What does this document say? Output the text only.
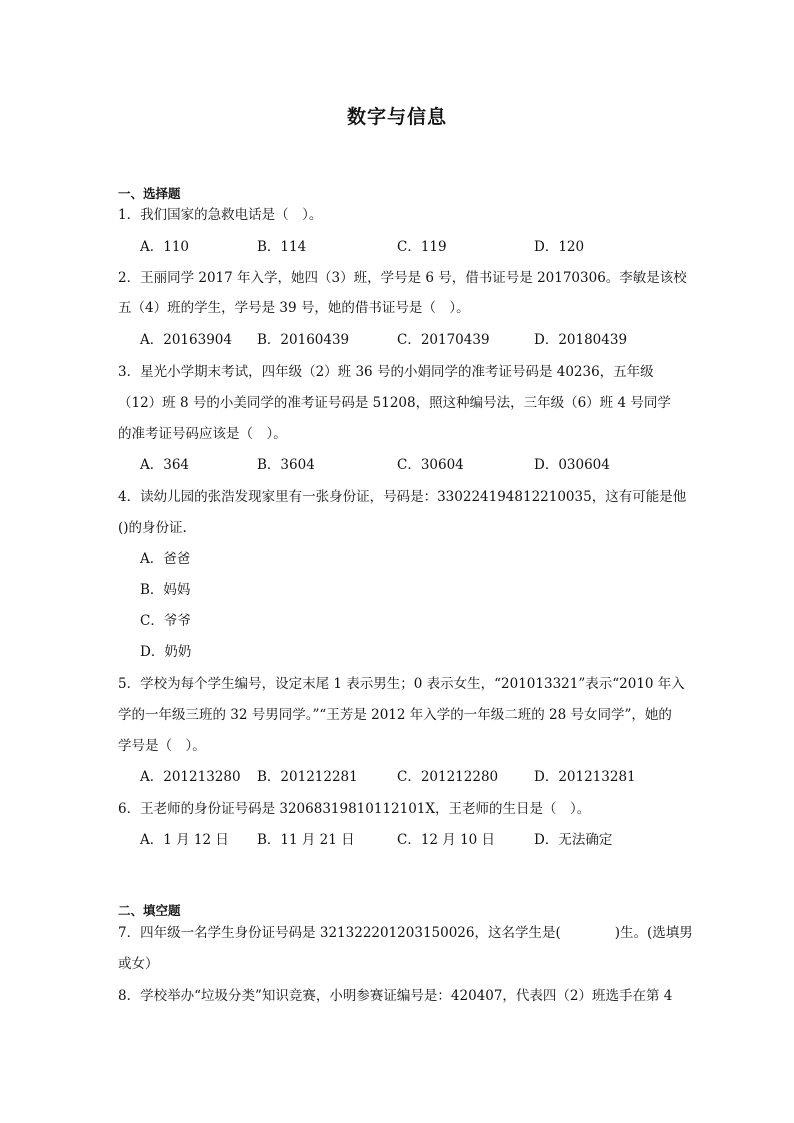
数字与信息
一、选择题
1．我们国家的急救电话是（　）。
A．110	B．114	C．119	D．120
2．王丽同学 2017 年入学，她四（3）班，学号是 6 号，借书证号是 20170306。李敏是该校
五（4）班的学生，学号是 39 号，她的借书证号是（　）。
A．20163904 B．20160439	C．20170439	D．20180439
3．星光小学期末考试，四年级（2）班 36 号的小娟同学的准考证号码是 40236，五年级
（12）班 8 号的小美同学的准考证号码是 51208，照这种编号法，三年级（6）班 4 号同学
的准考证号码应该是（　）。
A．364	B．3604	C．30604	D．030604
4．读幼儿园的张浩发现家里有一张身份证，号码是：330224194812210035，这有可能是他
()的身份证.
A．爸爸
B．妈妈
C．爷爷
D．奶奶
5．学校为每个学生编号，设定末尾 1 表示男生；0 表示女生，“201013321”表示“2010 年入
学的一年级三班的 32 号男同学。”“王芳是 2012 年入学的一年级二班的 28 号女同学”，她的
学号是（　）。
A．201213280 B．201212281	C．201212280	D．201213281
6．王老师的身份证号码是 32068319810112101X，王老师的生日是（　）。
A．1 月 12 日 B．11 月 21 日	C．12 月 10 日	D．无法确定
二、填空题
7．四年级一名学生身份证号码是 321322201203150026，这名学生是(　　　　)生。(选填男
或女）
8．学校举办“垃圾分类”知识竞赛，小明参赛证编号是：420407，代表四（2）班选手在第 4
